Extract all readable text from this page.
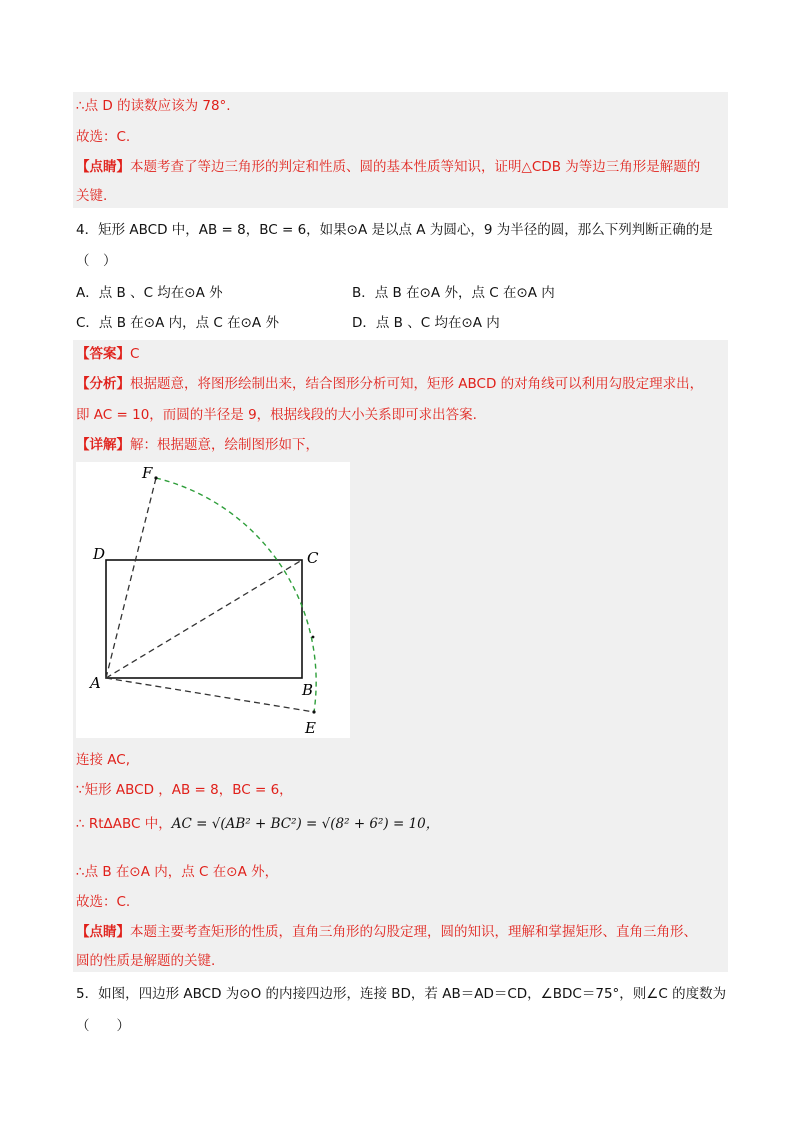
∴点 D 的读数应该为 78°.
故选：C.
【点睛】本题考查了等边三角形的判定和性质、圆的基本性质等知识，证明△CDB 为等边三角形是解题的
关键.
4．矩形 ABCD 中，AB = 8，BC = 6，如果⊙A 是以点 A 为圆心，9 为半径的圆，那么下列判断正确的是
（　）
A．点 B 、C 均在⊙A 外	B．点 B 在⊙A 外，点 C 在⊙A 内
C．点 B 在⊙A 内，点 C 在⊙A 外	D．点 B 、C 均在⊙A 内
【答案】C
【分析】根据题意，将图形绘制出来，结合图形分析可知，矩形 ABCD 的对角线可以利用勾股定理求出，
即 AC = 10，而圆的半径是 9，根据线段的大小关系即可求出答案.
【详解】解：根据题意，绘制图形如下，
A	B
C
D
E
F
连接 AC,
∵矩形 ABCD ，AB = 8，BC = 6，
∴ RtΔABC 中，AC = √(AB² + BC²) = √(8² + 6²) = 10，
∴点 B 在⊙A 内，点 C 在⊙A 外，
故选：C.
【点睛】本题主要考查矩形的性质，直角三角形的勾股定理，圆的知识，理解和掌握矩形、直角三角形、
圆的性质是解题的关键.
5．如图，四边形 ABCD 为⊙O 的内接四边形，连接 BD，若 AB＝AD＝CD，∠BDC＝75°，则∠C 的度数为
（　　）
